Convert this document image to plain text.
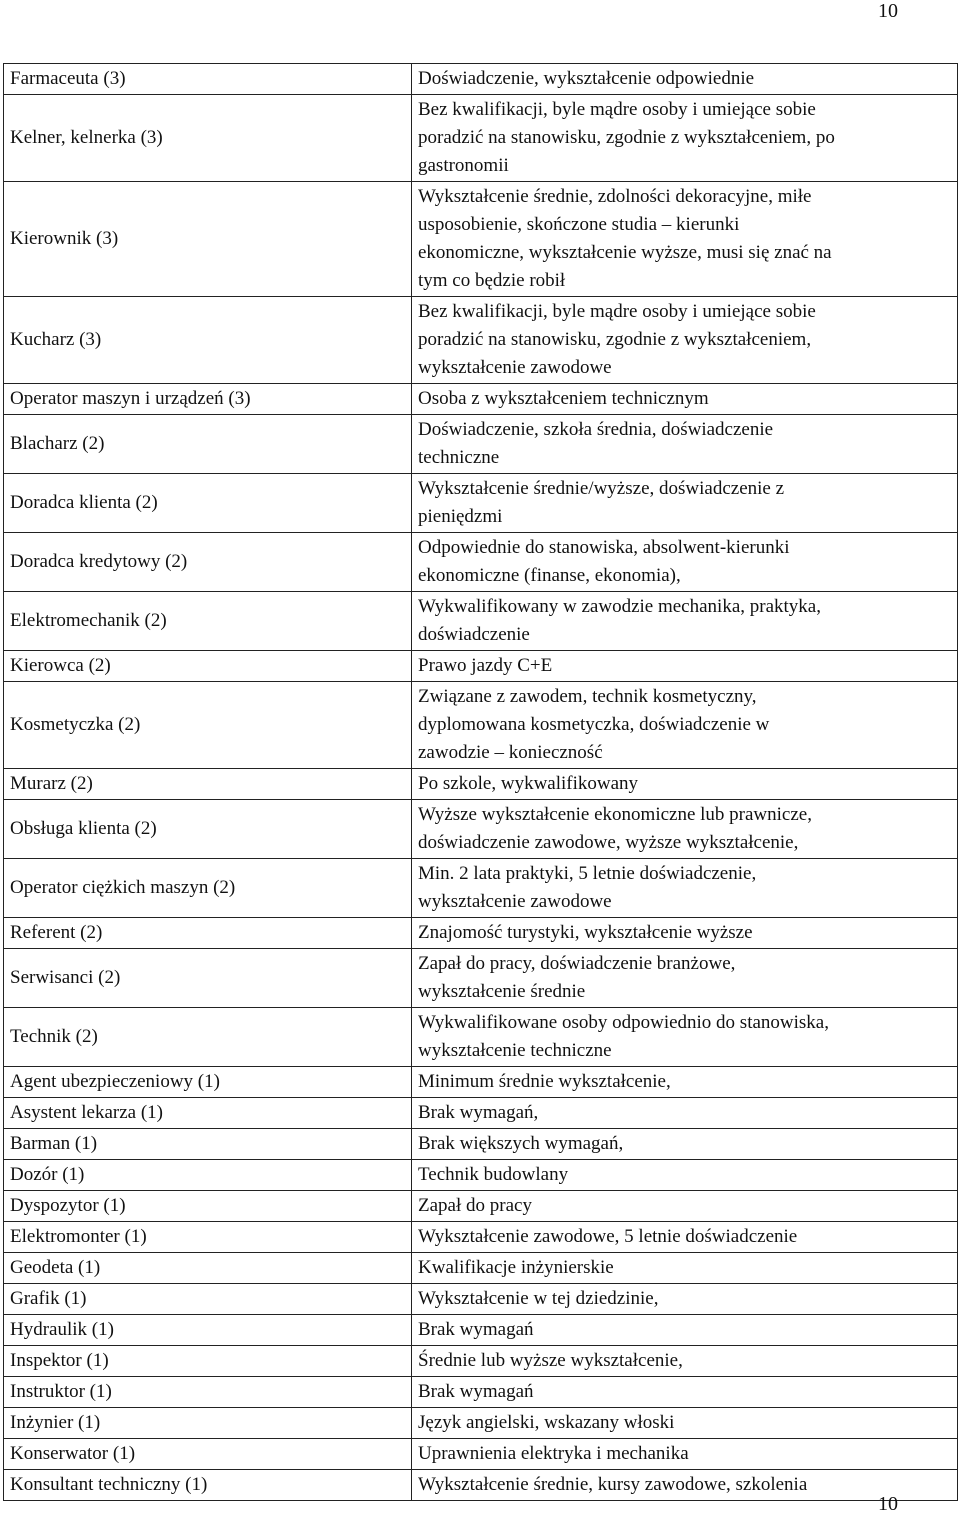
10
Farmaceuta (3)	Doświadczenie, wykształcenie odpowiednie
Kelner, kelnerka (3)	Bez kwalifikacji, byle mądre osoby i umiejące sobie
poradzić na stanowisku, zgodnie z wykształceniem, po
gastronomii
Kierownik (3)	Wykształcenie średnie, zdolności dekoracyjne, miłe
usposobienie, skończone studia – kierunki
ekonomiczne, wykształcenie wyższe, musi się znać na
tym co będzie robił
Kucharz (3)	Bez kwalifikacji, byle mądre osoby i umiejące sobie
poradzić na stanowisku, zgodnie z wykształceniem,
wykształcenie zawodowe
Operator maszyn i urządzeń (3)	Osoba z wykształceniem technicznym
Blacharz (2)	Doświadczenie, szkoła średnia, doświadczenie
techniczne
Doradca klienta (2)	Wykształcenie średnie/wyższe, doświadczenie z
pieniędzmi
Doradca kredytowy (2)	Odpowiednie do stanowiska, absolwent-kierunki
ekonomiczne (finanse, ekonomia),
Elektromechanik (2)	Wykwalifikowany w zawodzie mechanika, praktyka,
doświadczenie
Kierowca (2)	Prawo jazdy C+E
Kosmetyczka (2)	Związane z zawodem, technik kosmetyczny,
dyplomowana kosmetyczka, doświadczenie w
zawodzie – konieczność
Murarz (2)	Po szkole, wykwalifikowany
Obsługa klienta (2)	Wyższe wykształcenie ekonomiczne lub prawnicze,
doświadczenie zawodowe, wyższe wykształcenie,
Operator ciężkich maszyn (2)	Min. 2 lata praktyki, 5 letnie doświadczenie,
wykształcenie zawodowe
Referent (2)	Znajomość turystyki, wykształcenie wyższe
Serwisanci (2)	Zapał do pracy, doświadczenie branżowe,
wykształcenie średnie
Technik (2)	Wykwalifikowane osoby odpowiednio do stanowiska,
wykształcenie techniczne
Agent ubezpieczeniowy (1)	Minimum średnie wykształcenie,
Asystent lekarza (1)	Brak wymagań,
Barman (1)	Brak większych wymagań,
Dozór (1)	Technik budowlany
Dyspozytor (1)	Zapał do pracy
Elektromonter (1)	Wykształcenie zawodowe, 5 letnie doświadczenie
Geodeta (1)	Kwalifikacje inżynierskie
Grafik (1)	Wykształcenie w tej dziedzinie,
Hydraulik (1)	Brak wymagań
Inspektor (1)	Średnie lub wyższe wykształcenie,
Instruktor (1)	Brak wymagań
Inżynier (1)	Język angielski, wskazany włoski
Konserwator (1)	Uprawnienia elektryka i mechanika
Konsultant techniczny (1)	Wykształcenie średnie, kursy zawodowe, szkolenia
10
